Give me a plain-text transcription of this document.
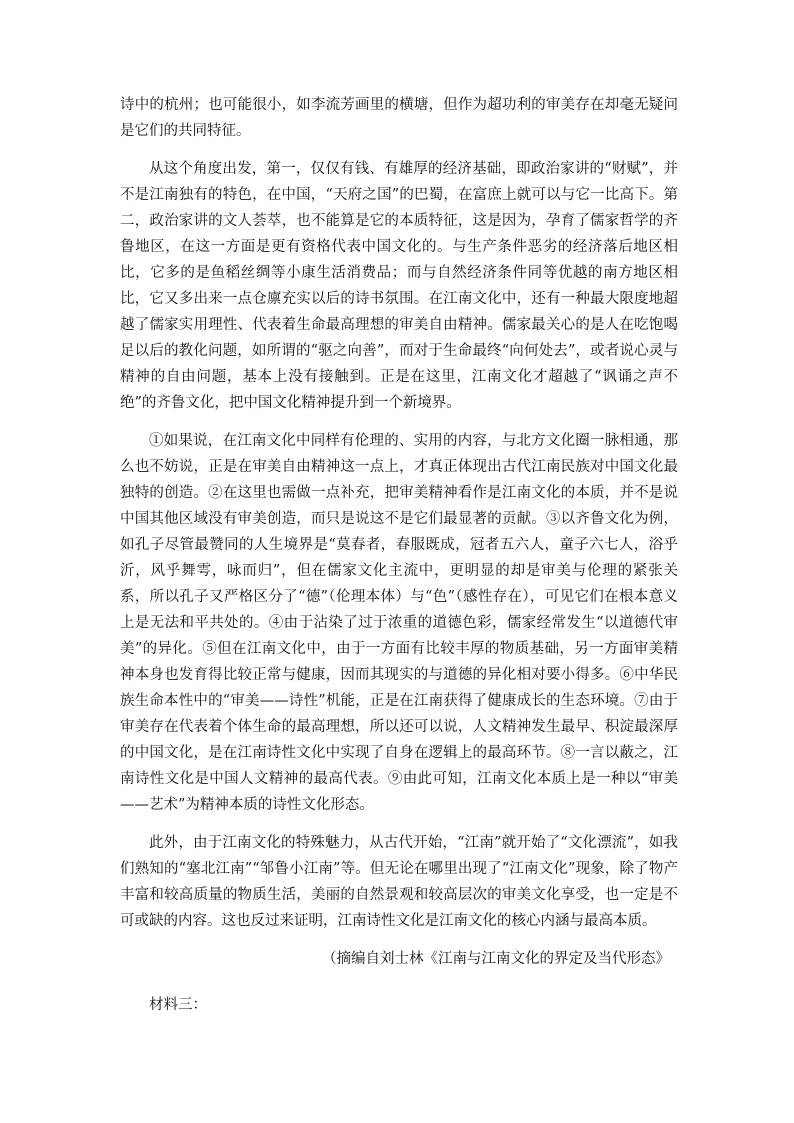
诗中的杭州；也可能很小，如李流芳画里的横塘，但作为超功利的审美存在却毫无疑问是它们的共同特征。

从这个角度出发，第一，仅仅有钱、有雄厚的经济基础，即政治家讲的“财赋”，并不是江南独有的特色，在中国，“天府之国”的巴蜀，在富庶上就可以与它一比高下。第二，政治家讲的文人荟萃，也不能算是它的本质特征，这是因为，孕育了儒家哲学的齐鲁地区，在这一方面是更有资格代表中国文化的。与生产条件恶劣的经济落后地区相比，它多的是鱼稻丝绸等小康生活消费品；而与自然经济条件同等优越的南方地区相比，它又多出来一点仓廪充实以后的诗书氛围。在江南文化中，还有一种最大限度地超越了儒家实用理性、代表着生命最高理想的审美自由精神。儒家最关心的是人在吃饱喝足以后的教化问题，如所谓的“驱之向善”，而对于生命最终“向何处去”，或者说心灵与精神的自由问题，基本上没有接触到。正是在这里，江南文化才超越了“讽诵之声不绝”的齐鲁文化，把中国文化精神提升到一个新境界。

①如果说，在江南文化中同样有伦理的、实用的内容，与北方文化圈一脉相通，那么也不妨说，正是在审美自由精神这一点上，才真正体现出古代江南民族对中国文化最独特的创造。②在这里也需做一点补充，把审美精神看作是江南文化的本质，并不是说中国其他区域没有审美创造，而只是说这不是它们最显著的贡献。③以齐鲁文化为例，如孔子尽管最赞同的人生境界是“莫春者，春服既成，冠者五六人，童子六七人，浴乎沂，风乎舞雩，咏而归”，但在儒家文化主流中，更明显的却是审美与伦理的紧张关系，所以孔子又严格区分了“德”（伦理本体）与“色”（感性存在），可见它们在根本意义上是无法和平共处的。④由于沾染了过于浓重的道德色彩，儒家经常发生“以道德代审美”的异化。⑤但在江南文化中，由于一方面有比较丰厚的物质基础，另一方面审美精神本身也发育得比较正常与健康，因而其现实的与道德的异化相对要小得多。⑥中华民族生命本性中的“审美——诗性”机能，正是在江南获得了健康成长的生态环境。⑦由于审美存在代表着个体生命的最高理想，所以还可以说，人文精神发生最早、积淀最深厚的中国文化，是在江南诗性文化中实现了自身在逻辑上的最高环节。⑧一言以蔽之，江南诗性文化是中国人文精神的最高代表。⑨由此可知，江南文化本质上是一种以“审美——艺术”为精神本质的诗性文化形态。

此外，由于江南文化的特殊魅力，从古代开始，“江南”就开始了“文化漂流”，如我们熟知的“塞北江南”“邹鲁小江南”等。但无论在哪里出现了“江南文化”现象，除了物产丰富和较高质量的物质生活，美丽的自然景观和较高层次的审美文化享受，也一定是不可或缺的内容。这也反过来证明，江南诗性文化是江南文化的核心内涵与最高本质。

（摘编自刘士林《江南与江南文化的界定及当代形态》

材料三：
